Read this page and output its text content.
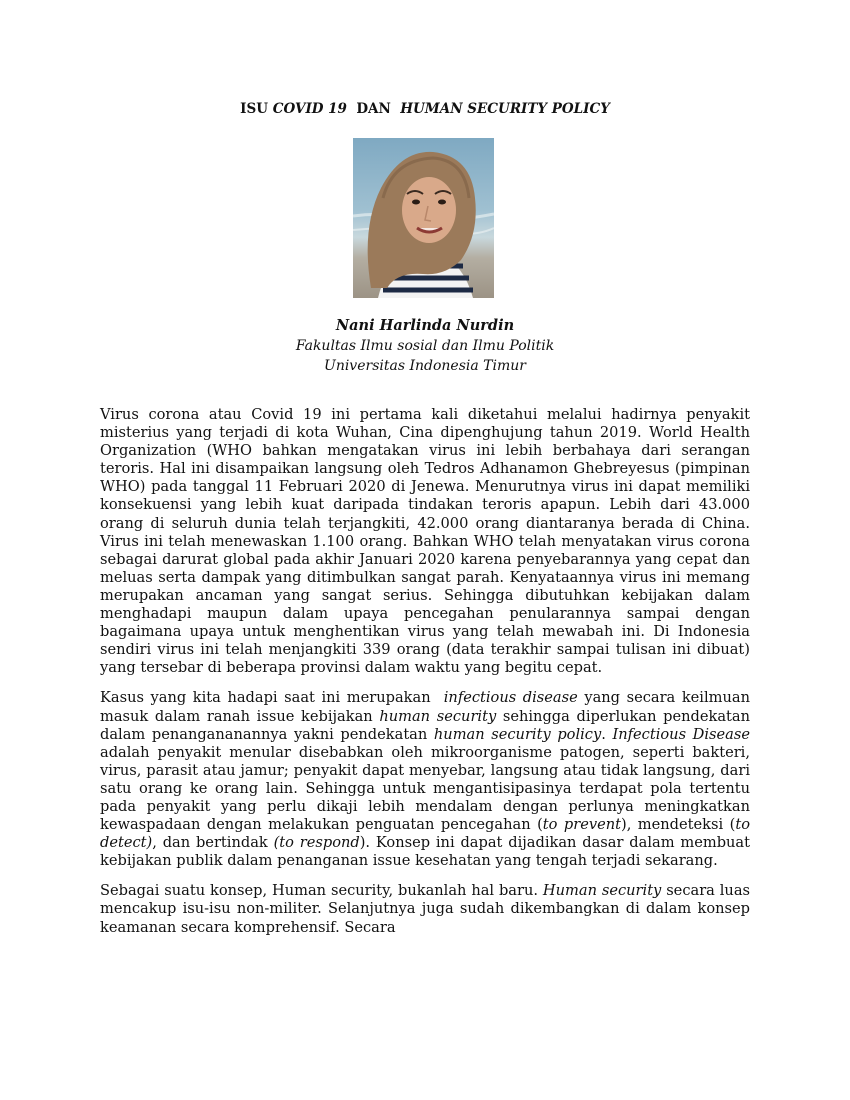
ISU COVID 19  DAN  HUMAN SECURITY POLICY
Nani Harlinda Nurdin
Fakultas Ilmu sosial dan Ilmu Politik
Universitas Indonesia Timur

Virus corona atau Covid 19 ini pertama kali diketahui melalui hadirnya penyakit misterius yang terjadi di kota Wuhan, Cina dipenghujung tahun 2019. World Health Organization (WHO bahkan mengatakan virus ini lebih berbahaya dari serangan teroris. Hal ini disampaikan langsung oleh Tedros Adhanamon Ghebreyesus (pimpinan WHO) pada tanggal 11 Februari 2020 di Jenewa. Menurutnya virus ini dapat memiliki konsekuensi yang lebih kuat daripada tindakan teroris apapun. Lebih dari 43.000 orang di seluruh dunia telah terjangkiti, 42.000 orang diantaranya berada di China. Virus ini telah menewaskan 1.100 orang. Bahkan WHO telah menyatakan virus corona sebagai darurat global pada akhir Januari 2020 karena penyebarannya yang cepat dan meluas serta dampak yang ditimbulkan sangat parah. Kenyataannya virus ini memang merupakan ancaman yang sangat serius. Sehingga dibutuhkan kebijakan dalam menghadapi maupun dalam upaya pencegahan penularannya sampai dengan bagaimana upaya untuk menghentikan virus yang telah mewabah ini. Di Indonesia sendiri virus ini telah menjangkiti 339 orang (data terakhir sampai tulisan ini dibuat) yang tersebar di beberapa provinsi dalam waktu yang begitu cepat.

Kasus yang kita hadapi saat ini merupakan  infectious disease yang secara keilmuan masuk dalam ranah issue kebijakan human security sehingga diperlukan pendekatan dalam penangananannya yakni pendekatan human security policy. Infectious Disease adalah penyakit menular disebabkan oleh mikroorganisme patogen, seperti bakteri, virus, parasit atau jamur; penyakit dapat menyebar, langsung atau tidak langsung, dari satu orang ke orang lain. Sehingga untuk mengantisipasinya terdapat pola tertentu pada penyakit yang perlu dikaji lebih mendalam dengan perlunya meningkatkan kewaspadaan dengan melakukan penguatan pencegahan (to prevent), mendeteksi (to detect), dan bertindak (to respond). Konsep ini dapat dijadikan dasar dalam membuat kebijakan publik dalam penanganan issue kesehatan yang tengah terjadi sekarang.

Sebagai suatu konsep, Human security, bukanlah hal baru. Human security secara luas mencakup isu-isu non-militer. Selanjutnya juga sudah dikembangkan di dalam konsep keamanan secara komprehensif. Secara
